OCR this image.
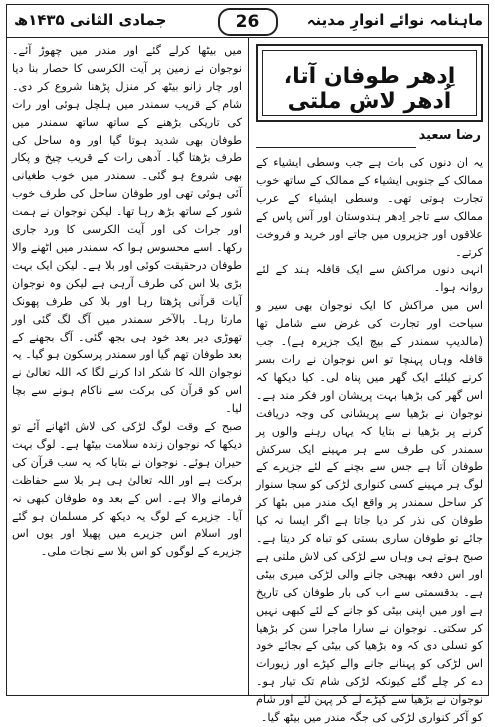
ماہنامہ نوائے انوارِ مدینہ
26
جمادی الثانی ۱۴۳۵ھ
اِدھر طوفان آتا، اُدھر لاش ملتی
رضا سعید

یہ ان دنوں کی بات ہے جب وسطی ایشیاء کے ممالک کے جنوبی ایشیاء کے ممالک کے ساتھ خوب تجارت ہوتی تھی۔ وسطی ایشیاء کے عرب ممالک سے تاجر اِدھر ہندوستان اور آس پاس کے علاقوں اور جزیروں میں جاتے اور خرید و فروخت کرتے۔

انہی دنوں مراکش سے ایک قافلہ ہند کے لئے روانہ ہوا۔

اس میں مراکش کا ایک نوجوان بھی سیر و سیاحت اور تجارت کی غرض سے شامل تھا (مالدیپ سمندر کے بیچ ایک جزیرہ ہے)۔ جب قافلہ وہاں پہنچا تو اس نوجوان نے رات بسر کرنے کیلئے ایک گھر میں پناہ لی۔ کیا دیکھا کہ اس گھر کی بڑھیا بہت پریشان اور فکر مند ہے۔ نوجوان نے بڑھیا سے پریشانی کی وجہ دریافت کرنے پر بڑھیا نے بتایا کہ یہاں رہنے والوں پر سمندر کی طرف سے ہر مہینے ایک سرکش طوفان آتا ہے جس سے بچنے کے لئے جزیرے کے لوگ ہر مہینے کسی کنواری لڑکی کو سجا سنوار کر ساحل سمندر پر واقع ایک مندر میں بٹھا کر طوفان کی نذر کر دیا جاتا ہے اگر ایسا نہ کیا جائے تو طوفان ساری بستی کو تباہ کر دیتا ہے۔ صبح ہوتے ہی وہاں سے لڑکی کی لاش ملتی ہے اور اس دفعہ بھیجی جانے والی لڑکی میری بیٹی ہے۔ بدقسمتی سے اب کی بار طوفان کی تاریخ ہے اور میں اپنی بیٹی کو جانے کے لئے کبھی نہیں کر سکتی۔ نوجوان نے سارا ماجرا سن کر بڑھیا کو تسلی دی کہ وہ بڑھیا کی بیٹی کے بجائے خود اس لڑکی کو پہنانے جانے والے کپڑے اور زیورات دے کر چلے گئے کیونکہ لڑکی شام تک تیار ہو۔ نوجوان نے بڑھیا سے کپڑے لے کر پہن لئے اور شام کو آکر کنواری لڑکی کی جگہ مندر میں بیٹھ گیا۔

میں بیٹھا کرلے گئے اور مندر میں چھوڑ آئے۔ نوجوان نے زمین پر آیت الکرسی کا حصار بنا دیا اور چار زانو بیٹھ کر منزل پڑھنا شروع کر دی۔ شام کے قریب سمندر میں ہلچل ہوئی اور رات کی تاریکی بڑھنے کے ساتھ ساتھ سمندر میں طوفان بھی شدید ہوتا گیا اور وہ ساحل کی طرف بڑھتا گیا۔ آدھی رات کے قریب چیخ و پکار بھی شروع ہو گئی۔ سمندر میں خوب طغیانی آئی ہوئی تھی اور طوفان ساحل کی طرف خوب شور کے ساتھ بڑھ رہا تھا۔ لیکن نوجوان نے ہمت اور جرات کی اور آیت الکرسی کا ورد جاری رکھا۔ اسے محسوس ہوا کہ سمندر میں اٹھنے والا طوفان درحقیقت کوئی اور بلا ہے۔ لیکن ایک بہت بڑی بلا اس کی طرف آرہی ہے لیکن وہ نوجوان آیات قرآنی پڑھتا رہا اور بلا کی طرف پھونک مارتا رہا۔ بالآخر سمندر میں آگ لگ گئی اور تھوڑی دیر بعد خود ہی بجھ گئی۔ آگ بجھنے کے بعد طوفان تھم گیا اور سمندر پرسکون ہو گیا۔ یہ نوجوان اللہ کا شکر ادا کرنے لگا کہ اللہ تعالیٰ نے اس کو قرآن کی برکت سے ناکام ہونے سے بچا لیا۔

صبح کے وقت لوگ لڑکی کی لاش اٹھانے آئے تو دیکھا کہ نوجوان زندہ سلامت بیٹھا ہے۔ لوگ بہت حیران ہوئے۔ نوجوان نے بتایا کہ یہ سب قرآن کی برکت ہے اور اللہ تعالیٰ ہی ہر بلا سے حفاظت فرمانے والا ہے۔ اس کے بعد وہ طوفان کبھی نہ آیا۔ جزیرے کے لوگ یہ دیکھ کر مسلمان ہو گئے اور اسلام اس جزیرے میں پھیلا اور یوں اس جزیرے کے لوگوں کو اس بلا سے نجات ملی۔
